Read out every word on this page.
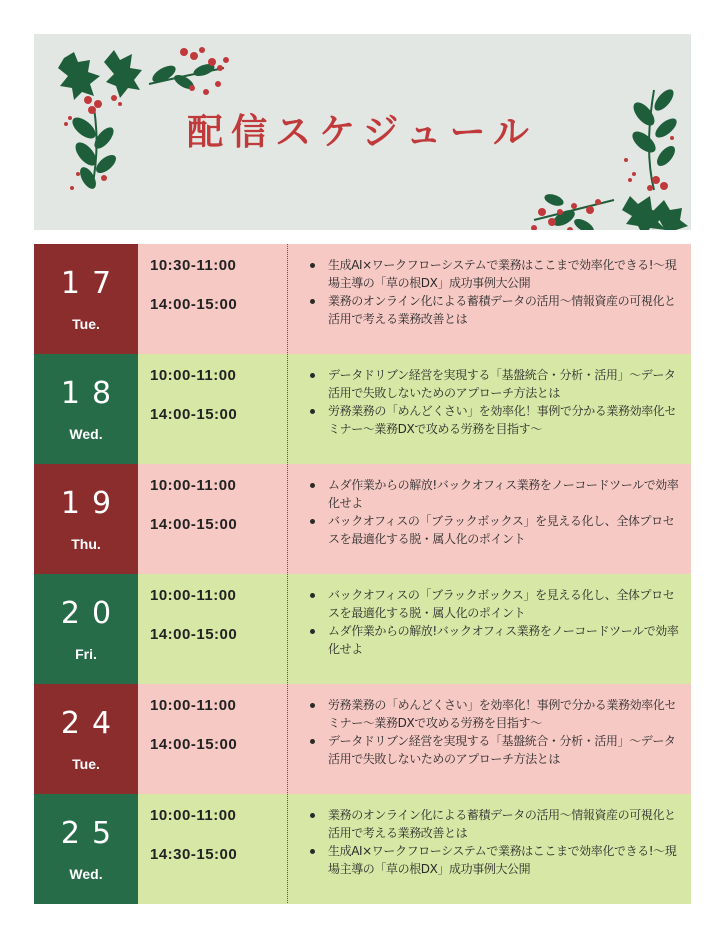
配信スケジュール
17
Tue.
10:30-11:00
14:00-15:00
生成AI×ワークフローシステムで業務はここまで効率化できる!〜現場主導の「草の根DX」成功事例大公開
業務のオンライン化による蓄積データの活用〜情報資産の可視化と活用で考える業務改善とは
18
Wed.
10:00-11:00
14:00-15:00
データドリブン経営を実現する「基盤統合・分析・活用」〜データ活用で失敗しないためのアプローチ方法とは
労務業務の「めんどくさい」を効率化！事例で分かる業務効率化セミナー〜業務DXで攻める労務を目指す〜
19
Thu.
10:00-11:00
14:00-15:00
ムダ作業からの解放!バックオフィス業務をノーコードツールで効率化せよ
バックオフィスの「ブラックボックス」を見える化し、全体プロセスを最適化する脱・属人化のポイント
20
Fri.
10:00-11:00
14:00-15:00
バックオフィスの「ブラックボックス」を見える化し、全体プロセスを最適化する脱・属人化のポイント
ムダ作業からの解放!バックオフィス業務をノーコードツールで効率化せよ
24
Tue.
10:00-11:00
14:00-15:00
労務業務の「めんどくさい」を効率化！事例で分かる業務効率化セミナー〜業務DXで攻める労務を目指す〜
データドリブン経営を実現する「基盤統合・分析・活用」〜データ活用で失敗しないためのアプローチ方法とは
25
Wed.
10:00-11:00
14:30-15:00
業務のオンライン化による蓄積データの活用〜情報資産の可視化と活用で考える業務改善とは
生成AI×ワークフローシステムで業務はここまで効率化できる!〜現場主導の「草の根DX」成功事例大公開
